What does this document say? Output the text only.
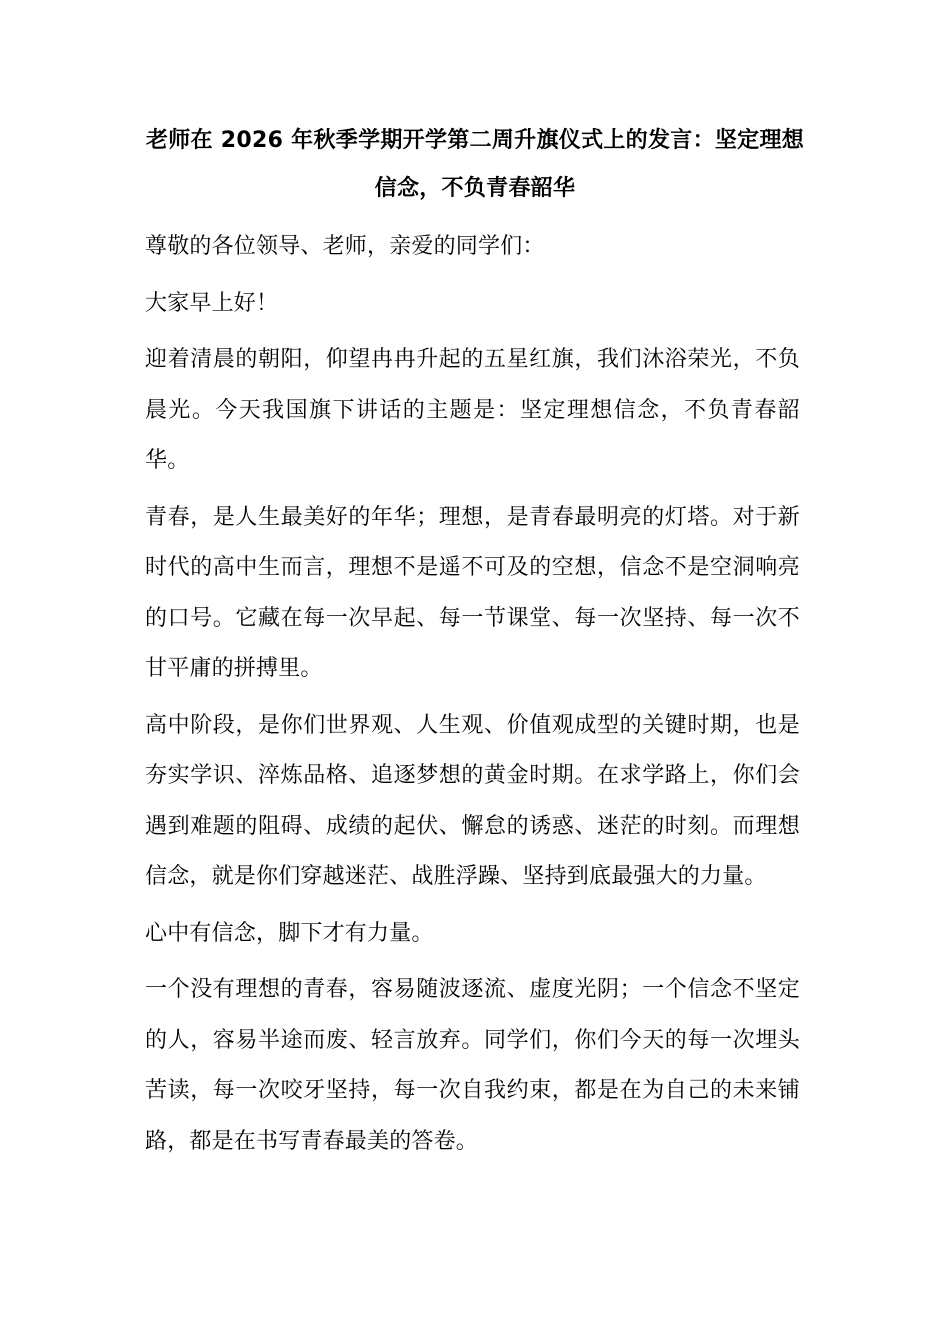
老师在 2026 年秋季学期开学第二周升旗仪式上的发言：坚定理想信念，不负青春韶华

尊敬的各位领导、老师，亲爱的同学们：

大家早上好！

迎着清晨的朝阳，仰望冉冉升起的五星红旗，我们沐浴荣光，不负晨光。今天我国旗下讲话的主题是：坚定理想信念，不负青春韶华。

青春，是人生最美好的年华；理想，是青春最明亮的灯塔。对于新时代的高中生而言，理想不是遥不可及的空想，信念不是空洞响亮的口号。它藏在每一次早起、每一节课堂、每一次坚持、每一次不甘平庸的拼搏里。

高中阶段，是你们世界观、人生观、价值观成型的关键时期，也是夯实学识、淬炼品格、追逐梦想的黄金时期。在求学路上，你们会遇到难题的阻碍、成绩的起伏、懈怠的诱惑、迷茫的时刻。而理想信念，就是你们穿越迷茫、战胜浮躁、坚持到底最强大的力量。

心中有信念，脚下才有力量。

一个没有理想的青春，容易随波逐流、虚度光阴；一个信念不坚定的人，容易半途而废、轻言放弃。同学们，你们今天的每一次埋头苦读，每一次咬牙坚持，每一次自我约束，都是在为自己的未来铺路，都是在书写青春最美的答卷。
